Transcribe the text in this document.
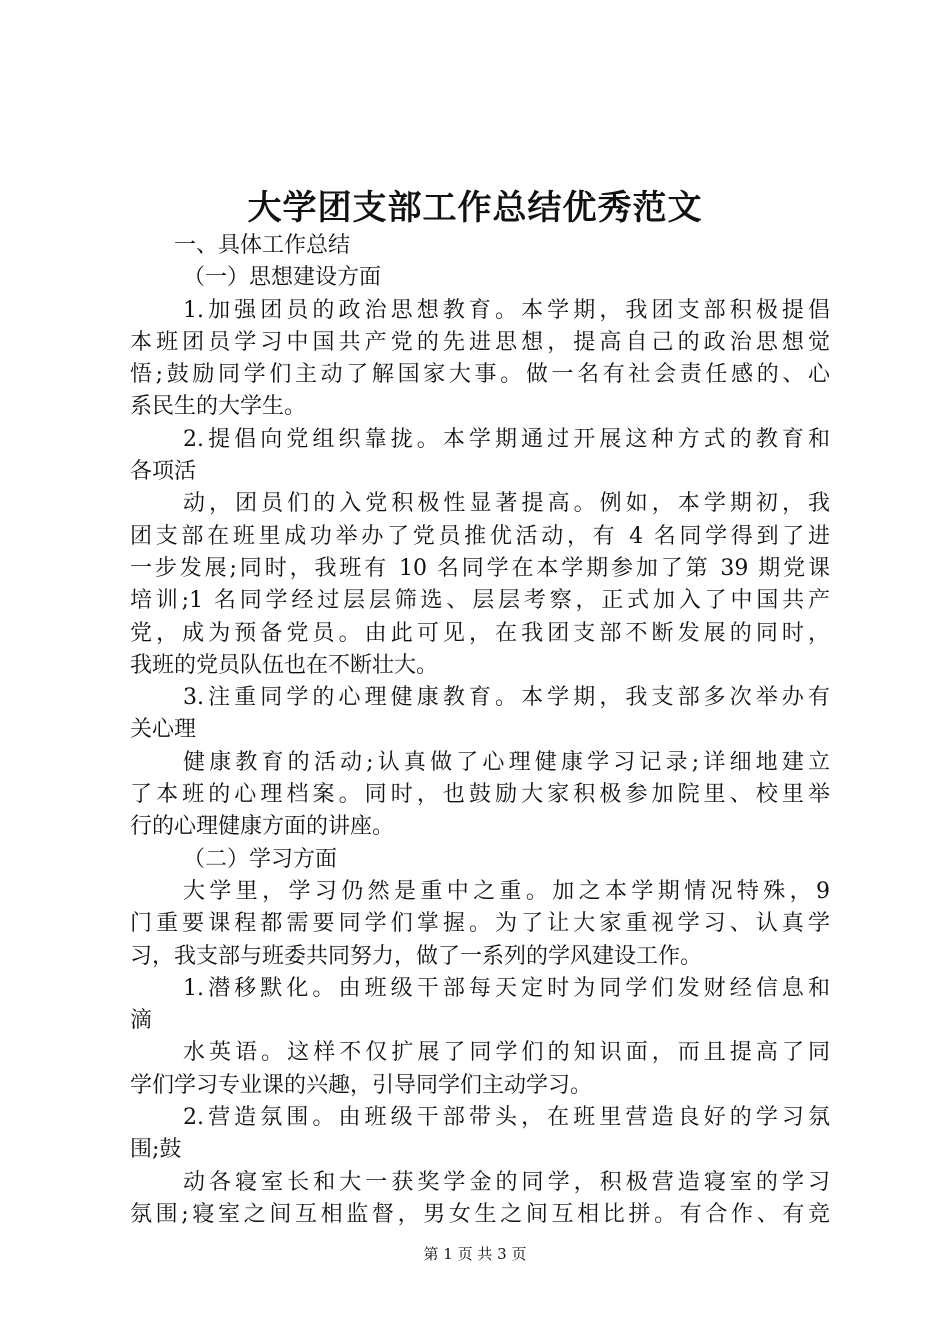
大学团支部工作总结优秀范文
一、具体工作总结
（一）思想建设方面
1.加强团员的政治思想教育。本学期，我团支部积极提倡
本班团员学习中国共产党的先进思想，提高自己的政治思想觉
悟;鼓励同学们主动了解国家大事。做一名有社会责任感的、心
系民生的大学生。
2.提倡向党组织靠拢。本学期通过开展这种方式的教育和
各项活
动，团员们的入党积极性显著提高。例如，本学期初，我
团支部在班里成功举办了党员推优活动，有 4 名同学得到了进
一步发展;同时，我班有 10 名同学在本学期参加了第 39 期党课
培训;1 名同学经过层层筛选、层层考察，正式加入了中国共产
党，成为预备党员。由此可见，在我团支部不断发展的同时，
我班的党员队伍也在不断壮大。
3.注重同学的心理健康教育。本学期，我支部多次举办有
关心理
健康教育的活动;认真做了心理健康学习记录;详细地建立
了本班的心理档案。同时，也鼓励大家积极参加院里、校里举
行的心理健康方面的讲座。
（二）学习方面
大学里，学习仍然是重中之重。加之本学期情况特殊，9
门重要课程都需要同学们掌握。为了让大家重视学习、认真学
习，我支部与班委共同努力，做了一系列的学风建设工作。
1.潜移默化。由班级干部每天定时为同学们发财经信息和
滴
水英语。这样不仅扩展了同学们的知识面，而且提高了同
学们学习专业课的兴趣，引导同学们主动学习。
2.营造氛围。由班级干部带头，在班里营造良好的学习氛
围;鼓
动各寝室长和大一获奖学金的同学，积极营造寝室的学习
氛围;寝室之间互相监督，男女生之间互相比拼。有合作、有竞
第 1 页 共 3 页
